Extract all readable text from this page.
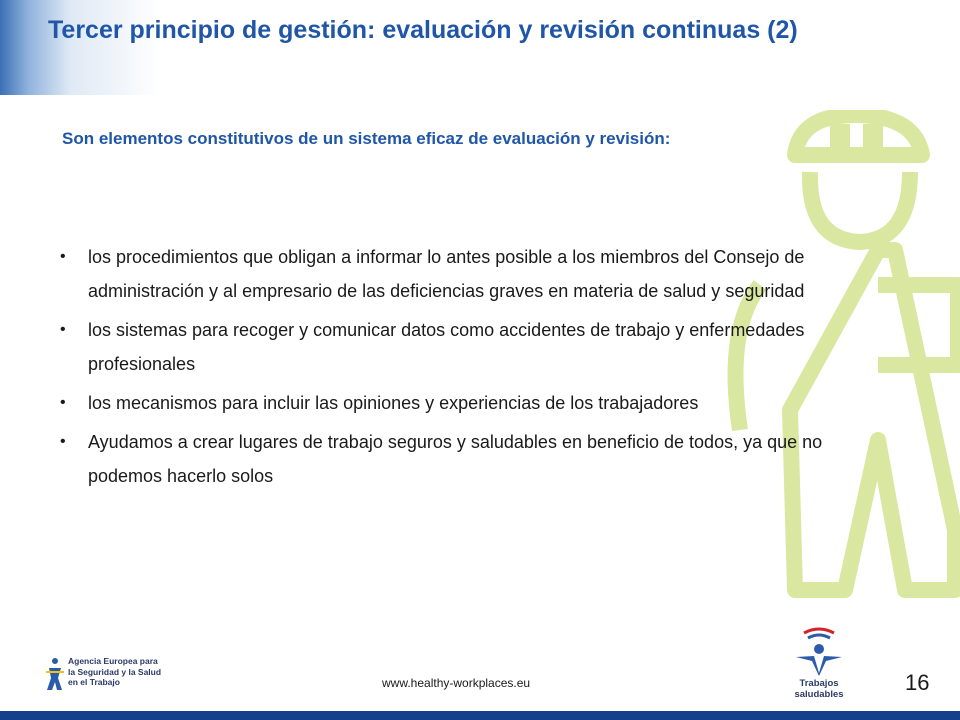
Tercer principio de gestión: evaluación y revisión continuas (2)

Son elementos constitutivos de un sistema eficaz de evaluación y revisión:

•	los procedimientos que obligan a informar lo antes posible a los miembros del Consejo de administración y al empresario de las deficiencias graves en materia de salud y seguridad
•	los sistemas para recoger y comunicar datos como accidentes de trabajo y enfermedades profesionales
•	los mecanismos para incluir las opiniones y experiencias de los trabajadores
•	Ayudamos a crear lugares de trabajo seguros y saludables en beneficio de todos, ya que no podemos hacerlo solos
Agencia Europea para
la Seguridad y la Salud
en el Trabajo	www.healthy-workplaces.eu	Trabajos saludables	16
